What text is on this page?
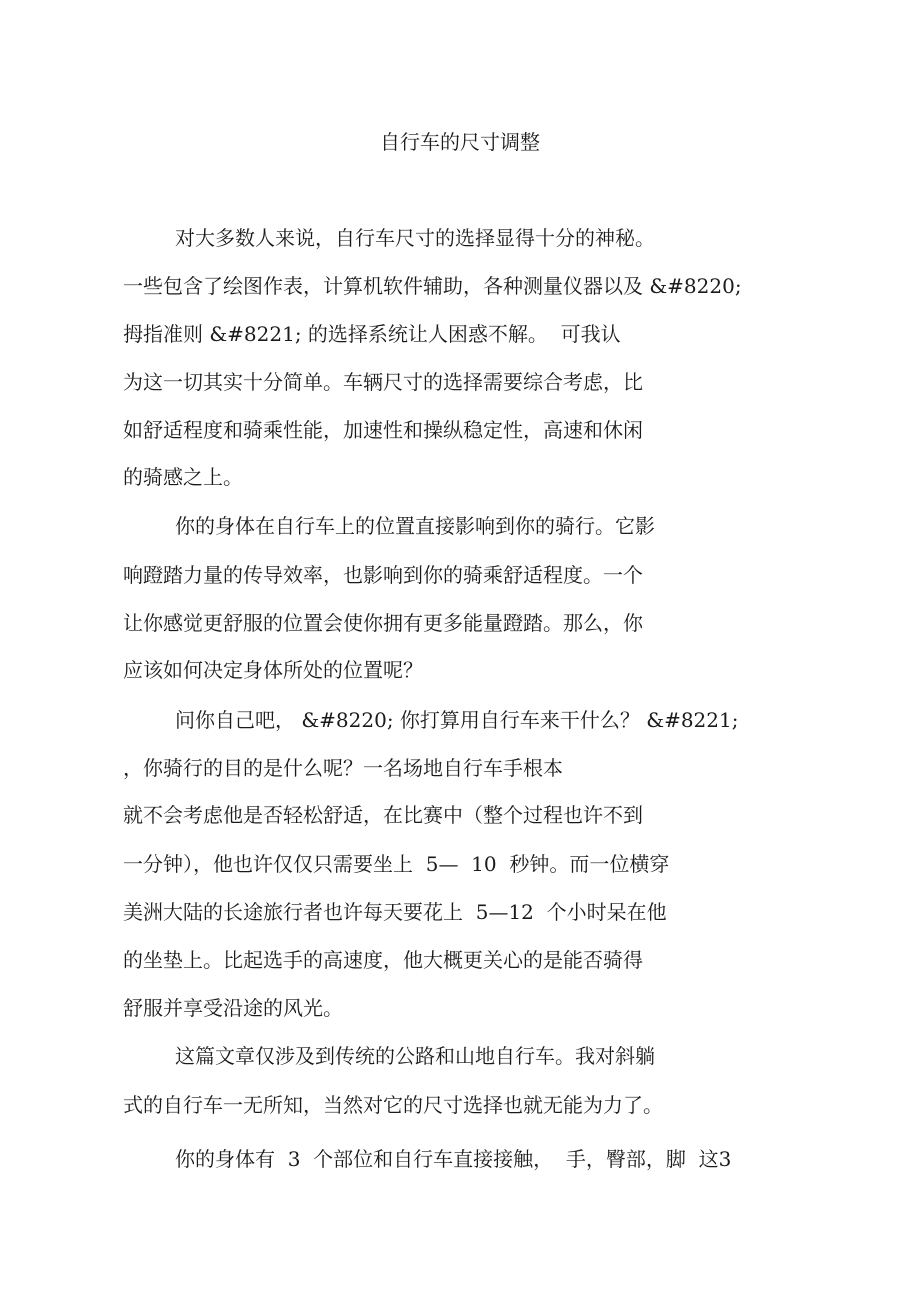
自行车的尺寸调整
对大多数人来说，自行车尺寸的选择显得十分的神秘。
一些包含了绘图作表，计算机软件辅助，各种测量仪器以及 &#8220;
拇指准则 &#8221; 的选择系统让人困惑不解。  可我认
为这一切其实十分简单。车辆尺寸的选择需要综合考虑，比
如舒适程度和骑乘性能，加速性和操纵稳定性，高速和休闲
的骑感之上。
你的身体在自行车上的位置直接影响到你的骑行。它影
响蹬踏力量的传导效率，也影响到你的骑乘舒适程度。一个
让你感觉更舒服的位置会使你拥有更多能量蹬踏。那么，你
应该如何决定身体所处的位置呢？
问你自己吧， &#8220; 你打算用自行车来干什么？ &#8221;
，你骑行的目的是什么呢？一名场地自行车手根本
就不会考虑他是否轻松舒适，在比赛中（整个过程也许不到
一分钟），他也许仅仅只需要坐上  5—  10  秒钟。而一位横穿
美洲大陆的长途旅行者也许每天要花上  5—12  个小时呆在他
的坐垫上。比起选手的高速度，他大概更关心的是能否骑得
舒服并享受沿途的风光。
这篇文章仅涉及到传统的公路和山地自行车。我对斜躺
式的自行车一无所知，当然对它的尺寸选择也就无能为力了。
你的身体有  3  个部位和自行车直接接触，  手，臀部，脚  这3
